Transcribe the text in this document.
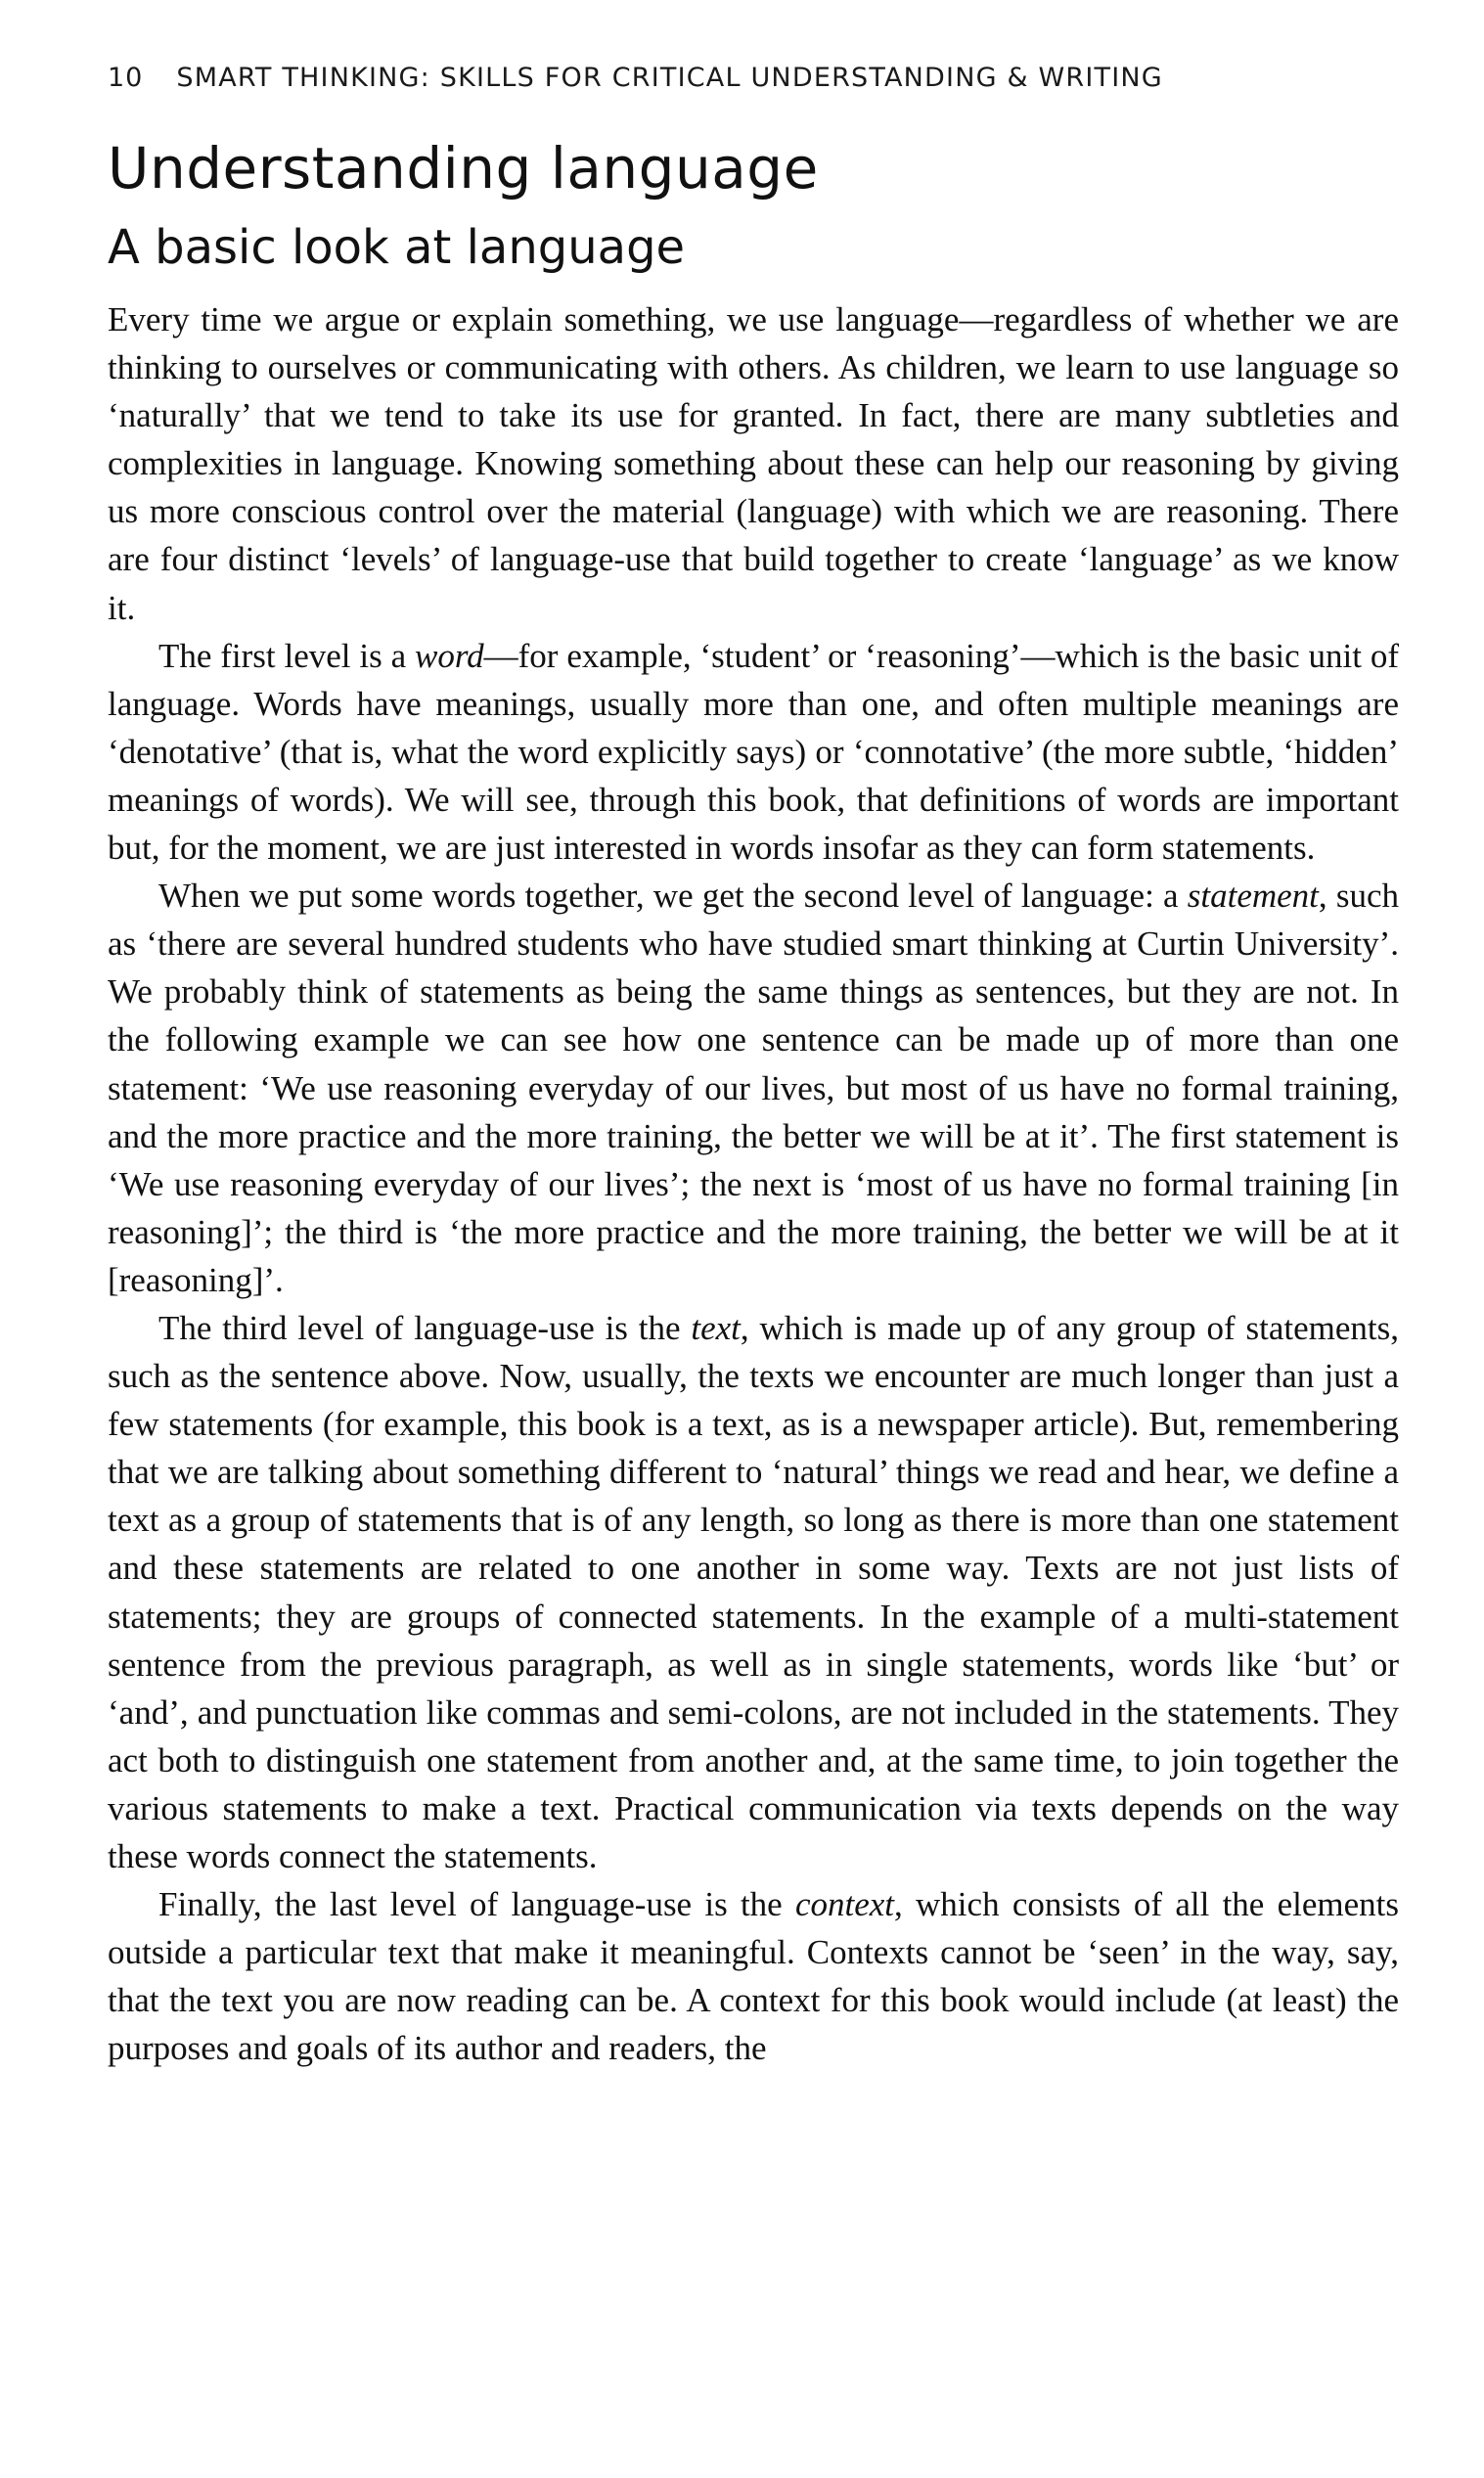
10 SMART THINKING: SKILLS FOR CRITICAL UNDERSTANDING & WRITING
Understanding language
A basic look at language

Every time we argue or explain something, we use language—regardless of whether we are thinking to ourselves or communicating with others. As children, we learn to use language so ‘naturally’ that we tend to take its use for granted. In fact, there are many subtleties and complexities in language. Knowing something about these can help our reasoning by giving us more conscious control over the material (language) with which we are reasoning. There are four distinct ‘levels’ of language-use that build together to create ‘language’ as we know it.

The first level is a word—for example, ‘student’ or ‘reasoning’—which is the basic unit of language. Words have meanings, usually more than one, and often multiple meanings are ‘denotative’ (that is, what the word explicitly says) or ‘connotative’ (the more subtle, ‘hidden’ meanings of words). We will see, through this book, that definitions of words are important but, for the moment, we are just interested in words insofar as they can form statements.

When we put some words together, we get the second level of language: a statement, such as ‘there are several hundred students who have studied smart thinking at Curtin University’. We probably think of statements as being the same things as sentences, but they are not. In the following example we can see how one sentence can be made up of more than one statement: ‘We use reasoning everyday of our lives, but most of us have no formal training, and the more practice and the more training, the better we will be at it’. The first statement is ‘We use reasoning everyday of our lives’; the next is ‘most of us have no formal training [in reasoning]’; the third is ‘the more practice and the more training, the better we will be at it [reasoning]’.

The third level of language-use is the text, which is made up of any group of statements, such as the sentence above. Now, usually, the texts we encounter are much longer than just a few statements (for example, this book is a text, as is a newspaper article). But, remembering that we are talking about something different to ‘natural’ things we read and hear, we define a text as a group of statements that is of any length, so long as there is more than one statement and these statements are related to one another in some way. Texts are not just lists of statements; they are groups of connected statements. In the example of a multi-statement sentence from the previous paragraph, as well as in single statements, words like ‘but’ or ‘and’, and punctuation like commas and semi-colons, are not included in the statements. They act both to distinguish one statement from another and, at the same time, to join together the various statements to make a text. Practical communication via texts depends on the way these words connect the statements.

Finally, the last level of language-use is the context, which consists of all the elements outside a particular text that make it meaningful. Contexts cannot be ‘seen’ in the way, say, that the text you are now reading can be. A context for this book would include (at least) the purposes and goals of its author and readers, the
